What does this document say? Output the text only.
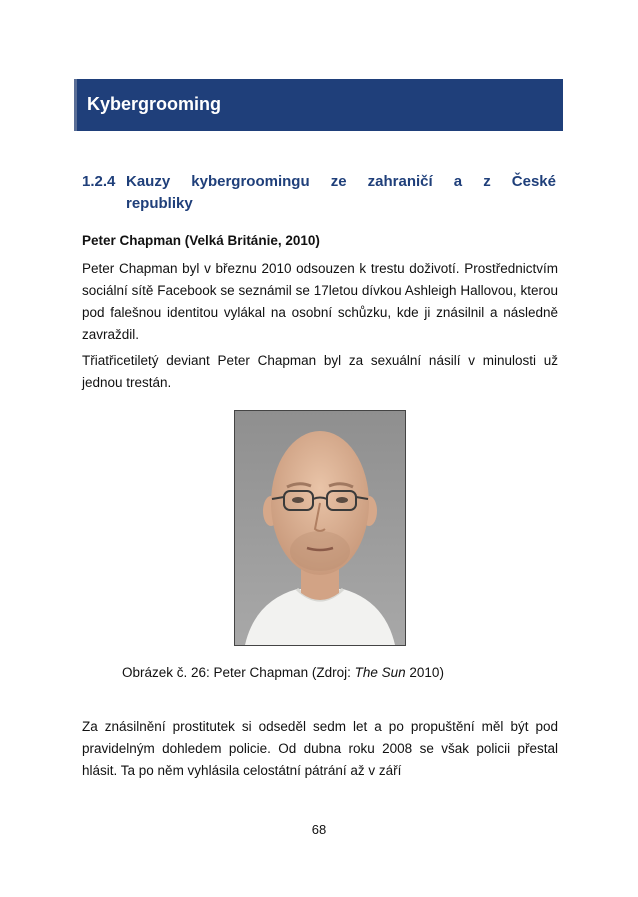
Kybergrooming
1.2.4 Kauzy kybergroomingu ze zahraničí a z České
republiky
Peter Chapman (Velká Británie, 2010)
Peter Chapman byl v březnu 2010 odsouzen k trestu doživotí. Prostřednictvím sociální sítě Facebook se seznámil se 17letou dívkou Ashleigh Hallovou, kterou pod falešnou identitou vylákal na osobní schůzku, kde ji znásilnil a následně zavraždil.
Třiatřicetiletý deviant Peter Chapman byl za sexuální násilí v minulosti už jednou trestán.
Obrázek č. 26: Peter Chapman (Zdroj: The Sun 2010)
Za znásilnění prostitutek si odseděl sedm let a po propuštění měl být pod pravidelným dohledem policie. Od dubna roku 2008 se však policii přestal hlásit. Ta po něm vyhlásila celostátní pátrání až v září
68
